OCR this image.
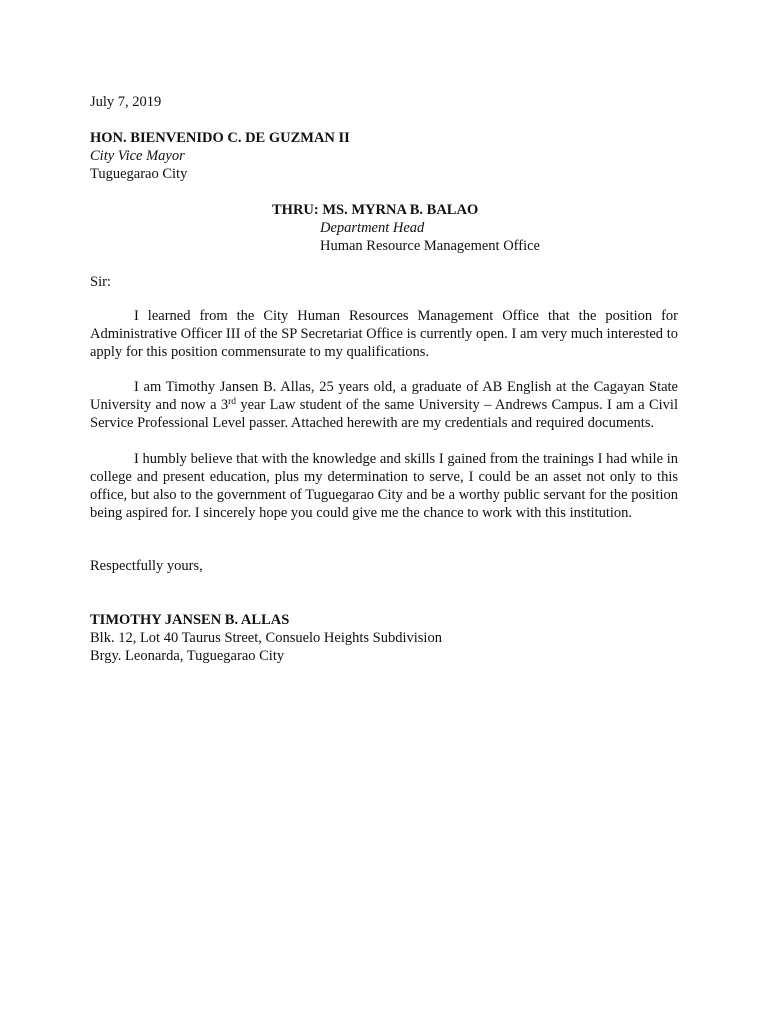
July 7, 2019

HON. BIENVENIDO C. DE GUZMAN II

City Vice Mayor

Tuguegarao City

THRU: MS. MYRNA B. BALAO

Department Head

Human Resource Management Office

Sir:

I learned from the City Human Resources Management Office that the position for Administrative Officer III of the SP Secretariat Office is currently open. I am very much interested to apply for this position commensurate to my qualifications.

I am Timothy Jansen B. Allas, 25 years old, a graduate of AB English at the Cagayan State University and now a 3rd year Law student of the same University – Andrews Campus. I am a Civil Service Professional Level passer. Attached herewith are my credentials and required documents.

I humbly believe that with the knowledge and skills I gained from the trainings I had while in college and present education, plus my determination to serve, I could be an asset not only to this office, but also to the government of Tuguegarao City and be a worthy public servant for the position being aspired for. I sincerely hope you could give me the chance to work with this institution.

Respectfully yours,

TIMOTHY JANSEN B. ALLAS

Blk. 12, Lot 40 Taurus Street, Consuelo Heights Subdivision

Brgy. Leonarda, Tuguegarao City
